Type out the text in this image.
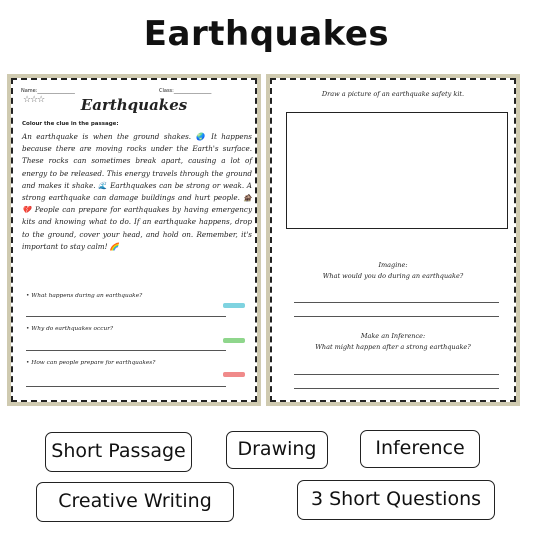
Earthquakes
Name:_______________	Class:_______________
☆☆☆	Earthquakes
Colour the clue in the passage:
An earthquake is when the ground shakes. 🌏 It happens because there are moving rocks under the Earth's surface. These rocks can sometimes break apart, causing a lot of energy to be released. This energy travels through the ground and makes it shake. 🌊 Earthquakes can be strong or weak. A strong earthquake can damage buildings and hurt people. 🏚️💔 People can prepare for earthquakes by having emergency kits and knowing what to do. If an earthquake happens, drop to the ground, cover your head, and hold on. Remember, it's important to stay calm! 🌈
• What happens during an earthquake?
• Why do earthquakes occur?
• How can people prepare for earthquakes?
Draw a picture of an earthquake safety kit.
Imagine:
What would you do during an earthquake?
Make an Inference:
What might happen after a strong earthquake?
Short Passage	Drawing	Inference
Creative Writing	3 Short Questions
